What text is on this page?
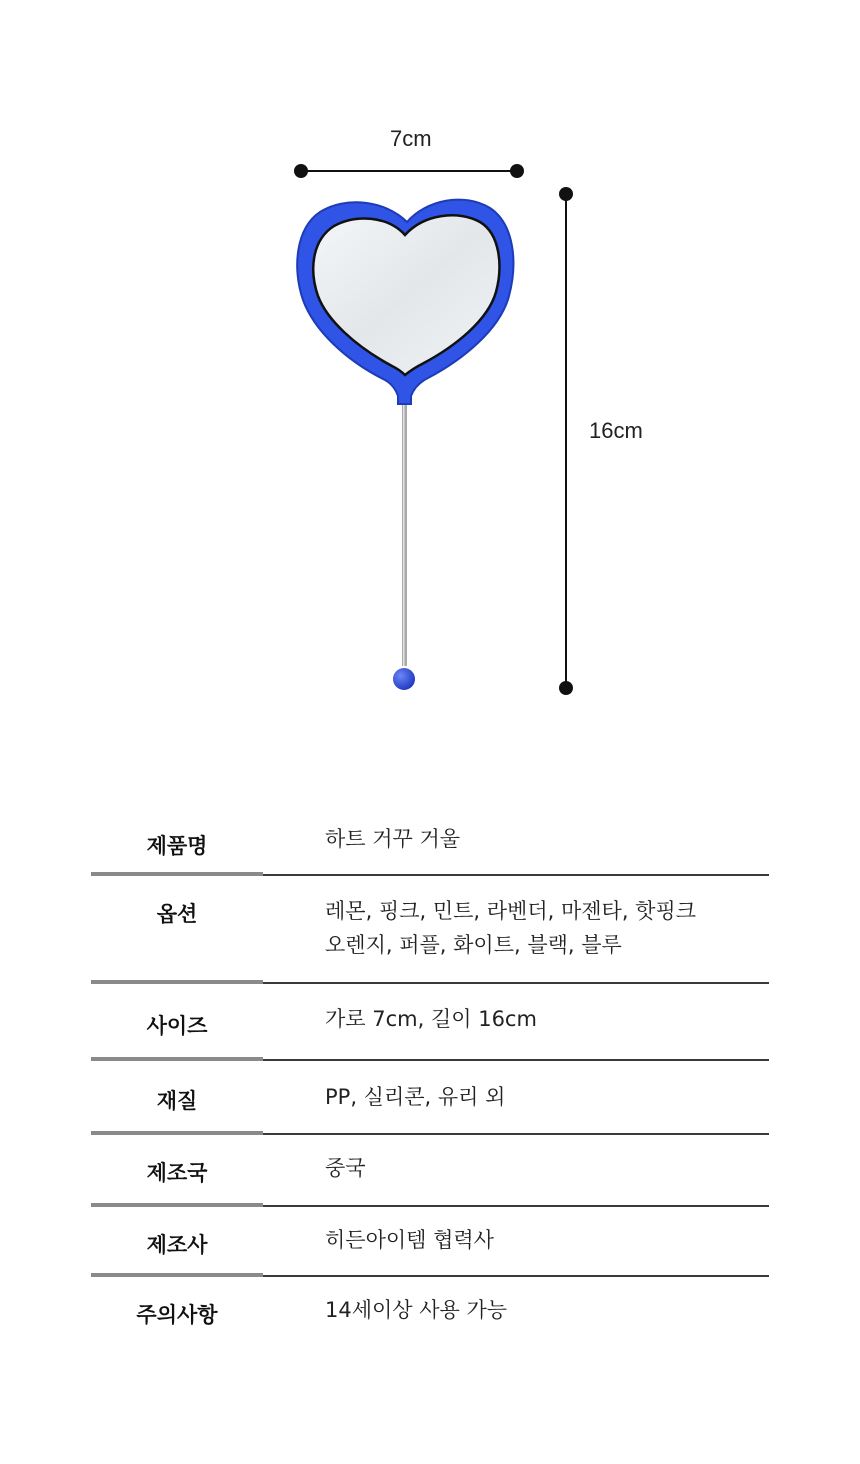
7cm
16cm
제품명	하트 거꾸 거울
옵션	레몬, 핑크, 민트, 라벤더, 마젠타, 핫핑크
오렌지, 퍼플, 화이트, 블랙, 블루
사이즈	가로 7cm, 길이 16cm
재질	PP, 실리콘, 유리 외
제조국	중국
제조사	히든아이템 협력사
주의사항	14세이상 사용 가능
